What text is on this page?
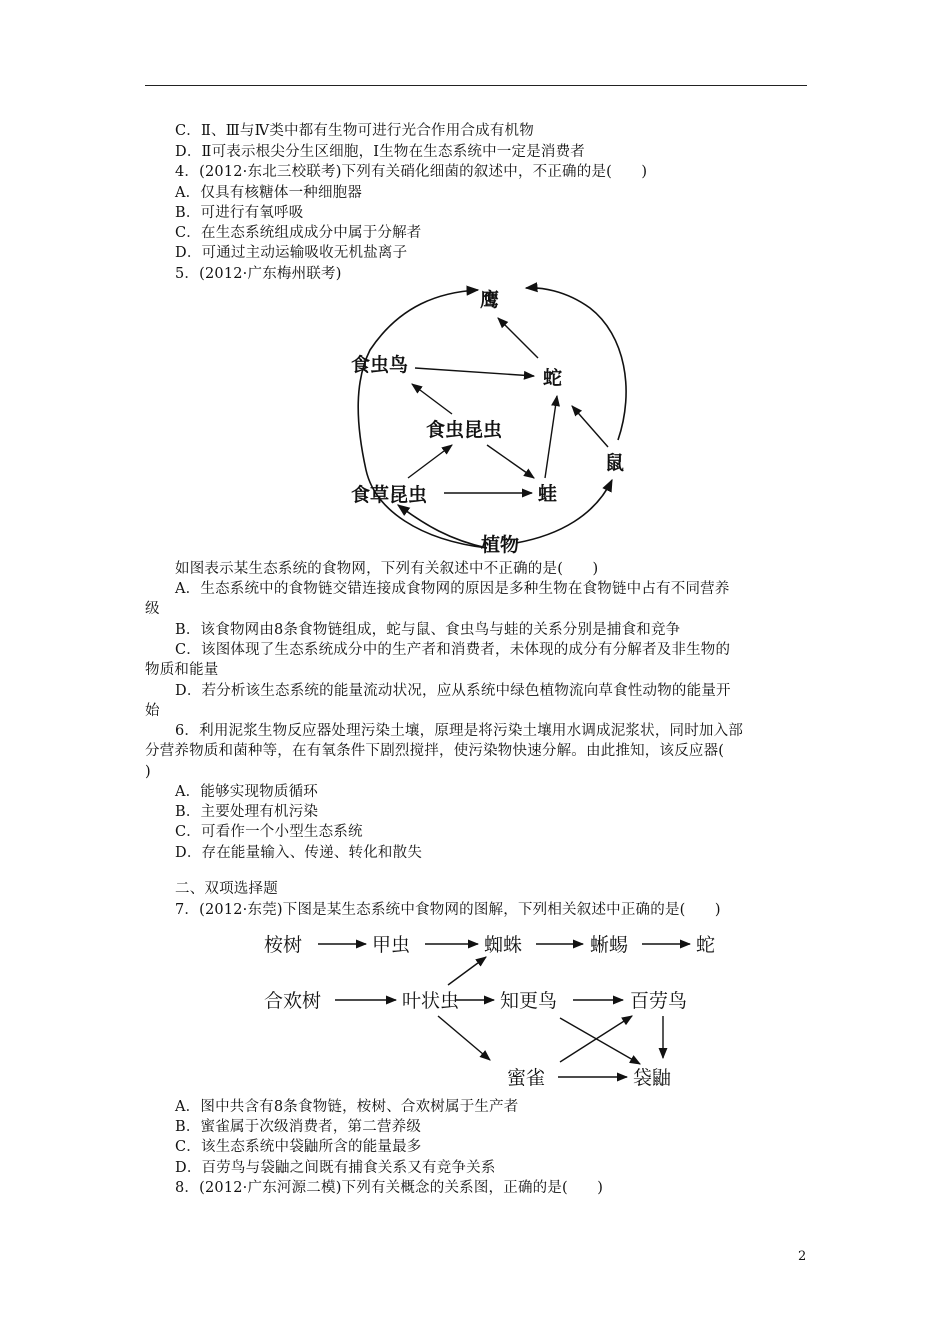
C．Ⅱ、Ⅲ与Ⅳ类中都有生物可进行光合作用合成有机物
D．Ⅱ可表示根尖分生区细胞，Ⅰ生物在生态系统中一定是消费者
4．(2012·东北三校联考)下列有关硝化细菌的叙述中，不正确的是(　　)
A．仅具有核糖体一种细胞器
B．可进行有氧呼吸
C．在生态系统组成成分中属于分解者
D．可通过主动运输吸收无机盐离子
5．(2012·广东梅州联考)
鹰
食虫鸟
蛇
食虫昆虫
鼠
食草昆虫	蛙
植物
如图表示某生态系统的食物网，下列有关叙述中不正确的是(　　)
A．生态系统中的食物链交错连接成食物网的原因是多种生物在食物链中占有不同营养
级
B．该食物网由8条食物链组成，蛇与鼠、食虫鸟与蛙的关系分别是捕食和竞争
C．该图体现了生态系统成分中的生产者和消费者，未体现的成分有分解者及非生物的
物质和能量
D．若分析该生态系统的能量流动状况，应从系统中绿色植物流向草食性动物的能量开
始
6．利用泥浆生物反应器处理污染土壤，原理是将污染土壤用水调成泥浆状，同时加入部
分营养物质和菌种等，在有氧条件下剧烈搅拌，使污染物快速分解。由此推知，该反应器(
)
A．能够实现物质循环
B．主要处理有机污染
C．可看作一个小型生态系统
D．存在能量输入、传递、转化和散失
二、双项选择题
7．(2012·东莞)下图是某生态系统中食物网的图解，下列相关叙述中正确的是(　　)
桉树	甲虫	蜘蛛	蜥蜴	蛇
合欢树	叶状虫 知更鸟	百劳鸟
蜜雀	袋鼬
A．图中共含有8条食物链，桉树、合欢树属于生产者
B．蜜雀属于次级消费者，第二营养级
C．该生态系统中袋鼬所含的能量最多
D．百劳鸟与袋鼬之间既有捕食关系又有竞争关系
8．(2012·广东河源二模)下列有关概念的关系图，正确的是(　　)
2
